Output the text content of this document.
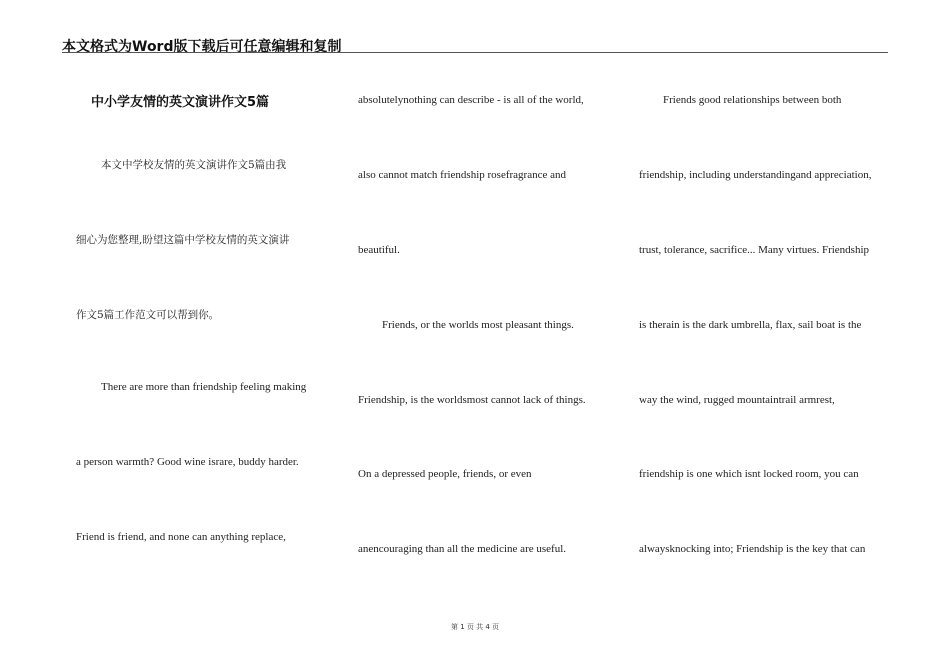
本文格式为Word版下载后可任意编辑和复制
中小学友情的英文演讲作文5篇
本文中学校友情的英文演讲作文5篇由我
细心为您整理,盼望这篇中学校友情的英文演讲
作文5篇工作范文可以帮到你。
There are more than friendship feeling making
a person warmth? Good wine israre, buddy harder.
Friend is friend, and none can anything replace,
absolutelynothing can describe - is all of the world,
also cannot match friendship rosefragrance and
beautiful.
Friends, or the worlds most pleasant things.
Friendship, is the worldsmost cannot lack of things.
On a depressed people, friends, or even
anencouraging than all the medicine are useful.
Friends good relationships between both
friendship, including understandingand appreciation,
trust, tolerance, sacrifice... Many virtues. Friendship
is therain is the dark umbrella, flax, sail boat is the
way the wind, rugged mountaintrail armrest,
friendship is one which isnt locked room, you can
alwaysknocking into; Friendship is the key that can
第 1 页 共 4 页
